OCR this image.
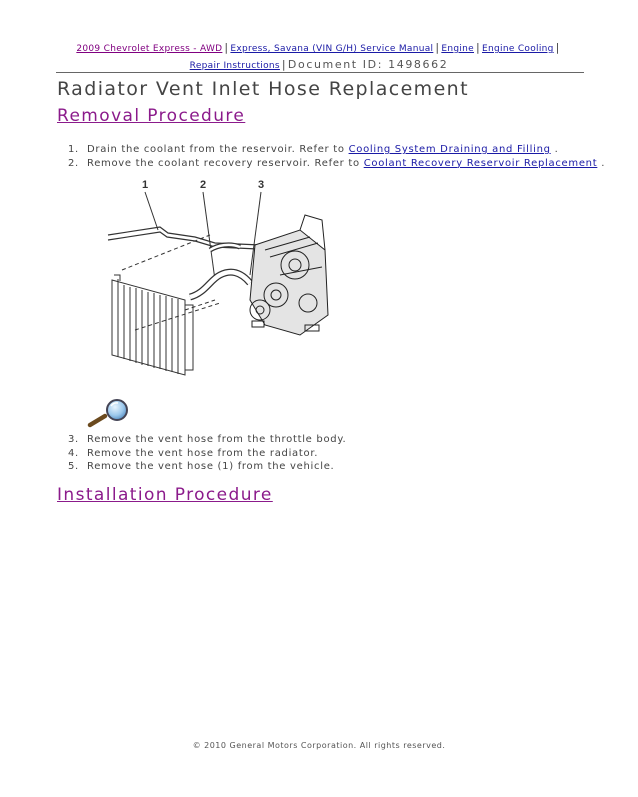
2009 Chevrolet Express - AWD | Express, Savana (VIN G/H) Service Manual | Engine | Engine Cooling |
Repair Instructions | Document ID: 1498662
Radiator Vent Inlet Hose Replacement
Removal Procedure
1. Drain the coolant from the reservoir. Refer to Cooling System Draining and Filling .
2. Remove the coolant recovery reservoir. Refer to Coolant Recovery Reservoir Replacement .
1	2	3
3. Remove the vent hose from the throttle body.
4. Remove the vent hose from the radiator.
5. Remove the vent hose (1) from the vehicle.
Installation Procedure
© 2010 General Motors Corporation. All rights reserved.
